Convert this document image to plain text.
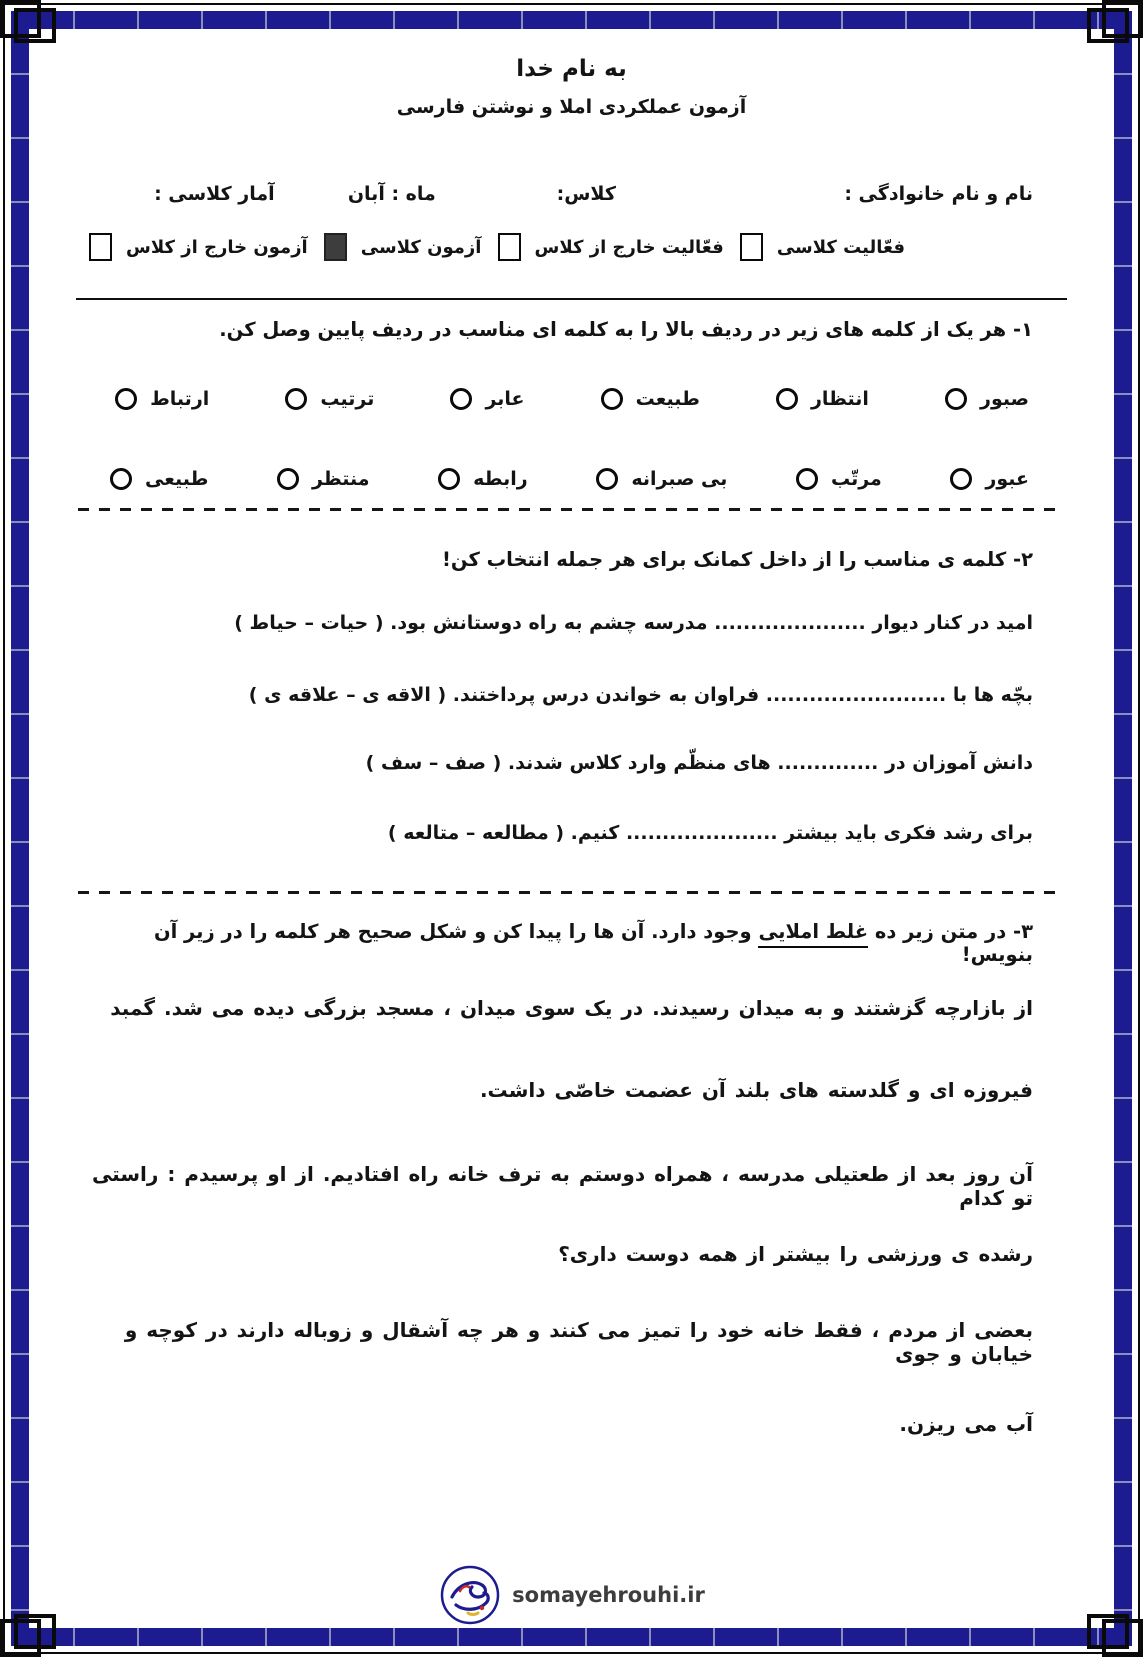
به نام خدا
آزمون عملکردی املا و نوشتن فارسی
نام و نام خانوادگی :
کلاس:
ماه : آبان
آمار کلاسی :
فعّالیت کلاسی
فعّالیت خارج از کلاس
آزمون کلاسی
آزمون خارج از کلاس
۱- هر یک از کلمه های زیر در ردیف بالا را به کلمه ای مناسب در ردیف پایین وصل کن.
صبور
انتظار
طبیعت
عابر
ترتیب
ارتباط
عبور
مرتّب
بی صبرانه
رابطه
منتظر
طبیعی
۲- کلمه ی مناسب را از داخل کمانک برای هر جمله انتخاب کن!
امید در کنار دیوار ..................... مدرسه چشم به راه دوستانش بود. ( حیات – حیاط )
بچّه ها با ......................... فراوان به خواندن درس پرداختند. ( الاقه ی – علاقه ی )
دانش آموزان در .............. های منظّم وارد کلاس شدند. ( صف – سف )
برای رشد فکری باید بیشتر ..................... کنیم. ( مطالعه – متالعه )
۳- در متن زیر ده غلط املایی وجود دارد. آن ها را پیدا کن و شکل صحیح هر کلمه را در زیر آن بنویس!
از بازارچه گزشتند و به میدان رسیدند. در یک سوی میدان ، مسجد بزرگی دیده می شد. گمبد
فیروزه ای و گلدسته های بلند آن عضمت خاصّی داشت.
آن روز بعد از طعتیلی مدرسه ، همراه دوستم به ترف خانه راه افتادیم. از او پرسیدم : راستی تو کدام
رشده ی ورزشی را بیشتر از همه دوست داری؟
بعضی از مردم ، فقط خانه خود را تمیز می کنند و هر چه آشقال و زوباله دارند در کوچه و خیابان و جوی
آب می ریزن.
somayehrouhi.ir
